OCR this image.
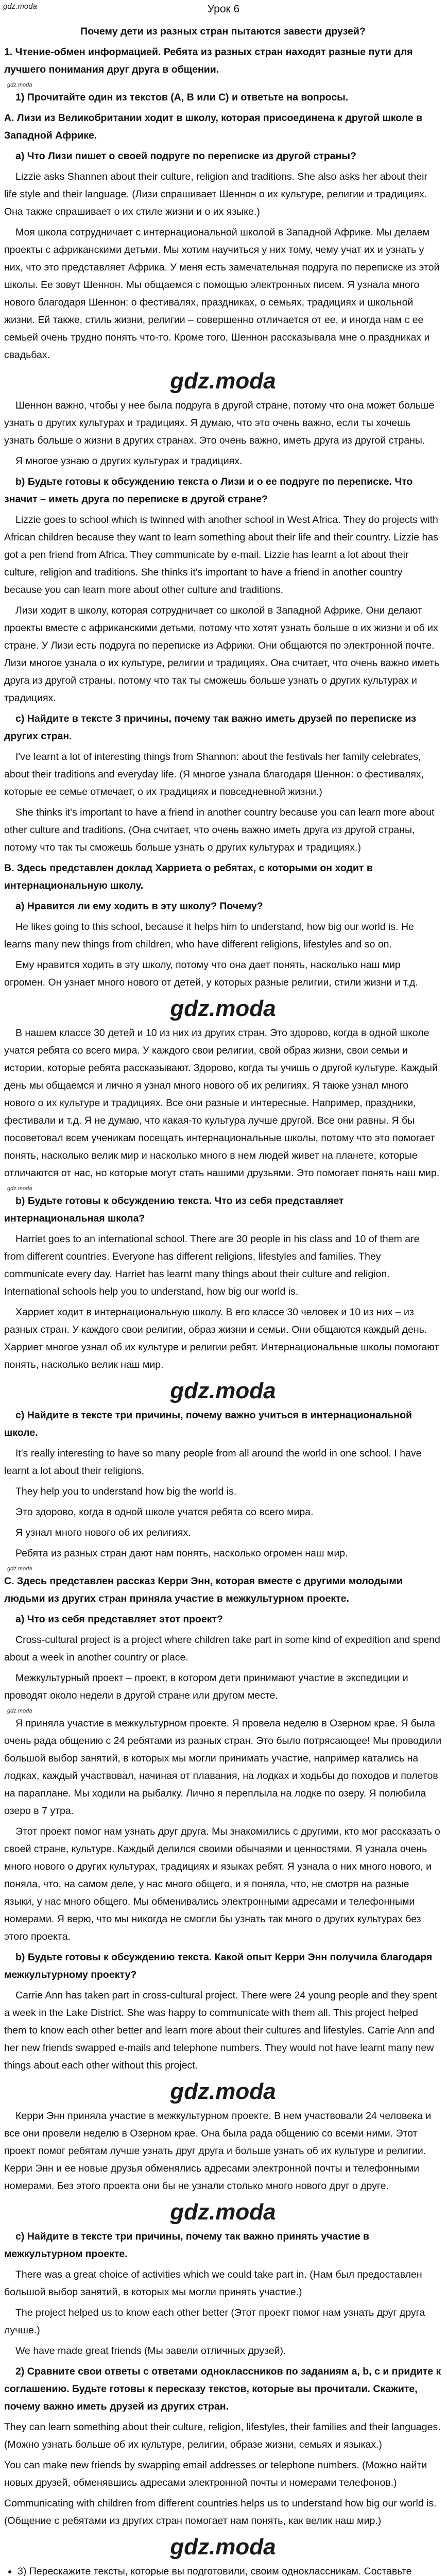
gdz.moda	Урок 6

Почему дети из разных стран пытаются завести друзей?

1. Чтение-обмен информацией. Ребята из разных стран находят разные пути для лучшего понимания друг друга в общении.

gdz.moda

1) Прочитайте один из текстов (A, B или C) и ответьте на вопросы.

A. Лизи из Великобритании ходит в школу, которая присоединена к другой школе в Западной Африке.

a) Что Лизи пишет о своей подруге по переписке из другой страны?

Lizzie asks Shannen about their culture, religion and traditions. She also asks her about their life style and their language. (Лизи спрашивает Шеннон о их культуре, религии и традициях. Она также спрашивает о их стиле жизни и о их языке.)

Моя школа сотрудничает с интернациональной школой в Западной Африке. Мы делаем проекты с африканскими детьми. Мы хотим научиться у них тому, чему учат их и узнать у них, что это представляет Африка. У меня есть замечательная подруга по переписке из этой школы. Ее зовут Шеннон. Мы общаемся с помощью электронных писем. Я узнала много нового благодаря Шеннон: о фестивалях, праздниках, о семьях, традициях и школьной жизни. Ей также, стиль жизни, религии – совершенно отличается от ее, и иногда нам с ее семьей очень трудно понять что-то. Кроме того, Шеннон рассказывала мне о праздниках и свадьбах.

gdz.moda

Шеннон важно, чтобы у нее была подруга в другой стране, потому что она может больше узнать о других культурах и традициях. Я думаю, что это очень важно, если ты хочешь узнать больше о жизни в других странах. Это очень важно, иметь друга из другой страны.

Я многое узнаю о других культурах и традициях.

b) Будьте готовы к обсуждению текста о Лизи и о ее подруге по переписке. Что значит – иметь друга по переписке в другой стране?

Lizzie goes to school which is twinned with another school in West Africa. They do projects with African children because they want to learn something about their life and their country. Lizzie has got a pen friend from Africa. They communicate by e-mail. Lizzie has learnt a lot about their culture, religion and traditions. She thinks it's important to have a friend in another country because you can learn more about other culture and traditions.

Лизи ходит в школу, которая сотрудничает со школой в Западной Африке. Они делают проекты вместе с африканскими детьми, потому что хотят узнать больше о их жизни и об их стране. У Лизи есть подруга по переписке из Африки. Они общаются по электронной почте. Лизи многое узнала о их культуре, религии и традициях. Она считает, что очень важно иметь друга из другой страны, потому что так ты сможешь больше узнать о других культурах и традициях.

c) Найдите в тексте 3 причины, почему так важно иметь друзей по переписке из других стран.

I've learnt a lot of interesting things from Shannon: about the festivals her family celebrates, about their traditions and everyday life. (Я многое узнала благодаря Шеннон: о фестивалях, которые ее семье отмечает, о их традициях и повседневной жизни.)

She thinks it's important to have a friend in another country because you can learn more about other culture and traditions. (Она считает, что очень важно иметь друга из другой страны, потому что так ты сможешь больше узнать о других культурах и традициях.)

B. Здесь представлен доклад Харриета о ребятах, с которыми он ходит в интернациональную школу.

a) Нравится ли ему ходить в эту школу? Почему?

He likes going to this school, because it helps him to understand, how big our world is. He learns many new things from children, who have different religions, lifestyles and so on.

Ему нравится ходить в эту школу, потому что она дает понять, насколько наш мир огромен. Он узнает много нового от детей, у которых разные религии, стили жизни и т.д.

gdz.moda

В нашем классе 30 детей и 10 из них из других стран. Это здорово, когда в одной школе учатся ребята со всего мира. У каждого свои религии, свой образ жизни, свои семьи и истории, которые ребята рассказывают. Здорово, когда ты учишь о другой культуре. Каждый день мы общаемся и лично я узнал много нового об их религиях. Я также узнал много нового о их культуре и традициях. Все они разные и интересные. Например, праздники, фестивали и т.д. Я не думаю, что какая-то культура лучше другой. Все они равны. Я бы посоветовал всем ученикам посещать интернациональные школы, потому что это помогает понять, насколько велик мир и насколько много в нем людей живет на планете, которые отличаются от нас, но которые могут стать нашими друзьями. Это помогает понять наш мир.

gdz.moda

b) Будьте готовы к обсуждению текста. Что из себя представляет интернациональная школа?

Harriet goes to an international school. There are 30 people in his class and 10 of them are from different countries. Everyone has different religions, lifestyles and families. They communicate every day. Harriet has learnt many things about their culture and religion. International schools help you to understand, how big our world is.

Харриет ходит в интернациональную школу. В его классе 30 человек и 10 из них – из разных стран. У каждого свои религии, образ жизни и семьи. Они общаются каждый день. Харриет многое узнал об их культуре и религии ребят. Интернациональные школы помогают понять, насколько велик наш мир.

gdz.moda

c) Найдите в тексте три причины, почему важно учиться в интернациональной школе.

It's really interesting to have so many people from all around the world in one school. I have learnt a lot about their religions.

They help you to understand how big the world is.

Это здорово, когда в одной школе учатся ребята со всего мира.

Я узнал много нового об их религиях.

Ребята из разных стран дают нам понять, насколько огромен наш мир.

gdz.moda

C. Здесь представлен рассказ Керри Энн, которая вместе с другими молодыми людьми из других стран приняла участие в межкультурном проекте.

a) Что из себя представляет этот проект?

Cross-cultural project is a project where children take part in some kind of expedition and spend about a week in another country or place.

Межкультурный проект – проект, в котором дети принимают участие в экспедиции и проводят около недели в другой стране или другом месте.

gdz.moda

Я приняла участие в межкультурном проекте. Я провела неделю в Озерном крае. Я была очень рада общению с 24 ребятами из разных стран. Это было потрясающее! Мы проводили большой выбор занятий, в которых мы могли принимать участие, например катались на лодках, каждый участвовал, начиная от плавания, на лодках и ходьбы до походов и полетов на параплане. Мы ходили на рыбалку. Лично я переплыла на лодке по озеру. Я полюбила озеро в 7 утра.

Этот проект помог нам узнать друг друга. Мы знакомились с другими, кто мог рассказать о своей стране, культуре. Каждый делился своими обычаями и ценностями. Я узнала очень много нового о других культурах, традициях и языках ребят. Я узнала о них много нового, и поняла, что, на самом деле, у нас много общего, и я поняла, что, не смотря на разные языки, у нас много общего. Мы обменивались электронными адресами и телефонными номерами. Я верю, что мы никогда не смогли бы узнать так много о других культурах без этого проекта.

b) Будьте готовы к обсуждению текста. Какой опыт Керри Энн получила благодаря межкультурному проекту?

Carrie Ann has taken part in cross-cultural project. There were 24 young people and they spent a week in the Lake District. She was happy to communicate with them all. This project helped them to know each other better and learn more about their cultures and lifestyles. Carrie Ann and her new friends swapped e-mails and telephone numbers. They would not have learnt many new things about each other without this project.

gdz.moda

Керри Энн приняла участие в межкультурном проекте. В нем участвовали 24 человека и все они провели неделю в Озерном крае. Она была рада общению со всеми ними. Этот проект помог ребятам лучше узнать друг друга и больше узнать об их культуре и религии. Керри Энн и ее новые друзья обменялись адресами электронной почты и телефонными номерами. Без этого проекта они бы не узнали столько много нового друг о друге.

gdz.moda

c) Найдите в тексте три причины, почему так важно принять участие в межкультурном проекте.

There was a great choice of activities which we could take part in. (Нам был предоставлен большой выбор занятий, в которых мы могли принять участие.)

The project helped us to know each other better (Этот проект помог нам узнать друг друга лучше.)

We have made great friends (Мы завели отличных друзей).

2) Сравните свои ответы с ответами одноклассников по заданиям a, b, c и придите к соглашению. Будьте готовы к пересказу текстов, которые вы прочитали. Скажите, почему важно иметь друзей из других стран.

They can learn something about their culture, religion, lifestyles, their families and their languages. (Можно узнать больше об их культуре, религии, образе жизни, семьях и языках.)

You can make new friends by swapping email addresses or telephone numbers. (Можно найти новых друзей, обменявшись адресами электронной почты и номерами телефонов.)

Communicating with children from different countries helps us to understand how big our world is. (Общение с ребятами из других стран помогает нам понять, как велик наш мир.)

gdz.moda
• 3) Перескажите тексты, которые вы подготовили, своим одноклассникам. Составьте
